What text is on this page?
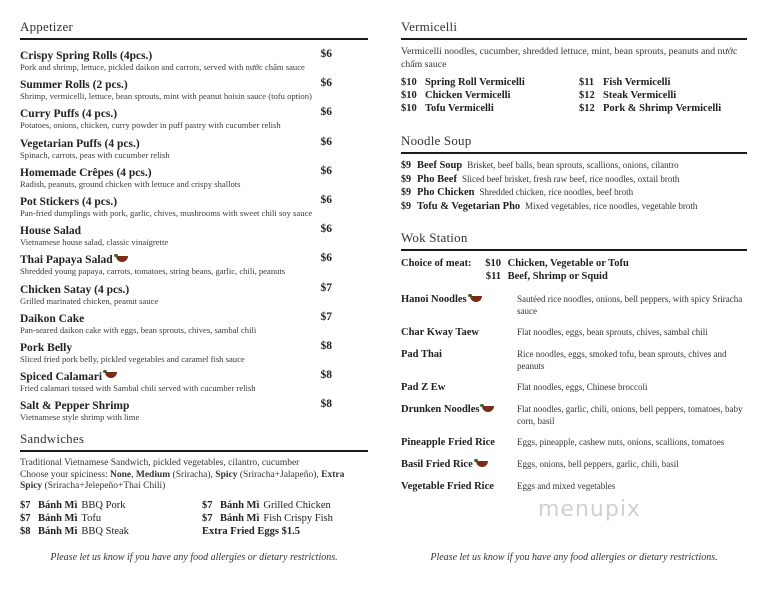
Appetizer
Crispy Spring Rolls (4pcs.)	$6
Pork and shrimp, lettuce, pickled daikon and carrots, served with nước chấm sauce
Summer Rolls (2 pcs.)	$6
Shrimp, vermicelli, lettuce, bean sprouts, mint with peanut hoisin sauce (tofu option)
Curry Puffs (4 pcs.)	$6
Potatoes, onions, chicken, curry powder in puff pastry with cucumber relish
Vegetarian Puffs (4 pcs.)	$6
Spinach, carrots, peas with cucumber relish
Homemade Crêpes (4 pcs.)	$6
Radish, peanuts, ground chicken with lettuce and crispy shallots
Pot Stickers (4 pcs.)	$6
Pan-fried dumplings with pork, garlic, chives, mushrooms with sweet chili soy sauce
House Salad	$6
Vietnamese house salad, classic vinaigrette
Thai Papaya Salad	$6
Shredded young papaya, carrots, tomatoes, string beans, garlic, chili, peanuts
Chicken Satay (4 pcs.)	$7
Grilled marinated chicken, peanut sauce
Daikon Cake	$7
Pan-seared daikon cake with eggs, bean sprouts, chives, sambal chili
Pork Belly	$8
Sliced fried pork belly, pickled vegetables and caramel fish sauce
Spiced Calamari	$8
Fried calamari tossed with Sambal chili served with cucumber relish
Salt & Pepper Shrimp	$8
Vietnamese style shrimp with lime
Sandwiches
Traditional Vietnamese Sandwich, pickled vegetables, cilantro, cucumber
Choose your spiciness: None, Medium (Sriracha), Spicy (Sriracha+Jalapeño), Extra Spicy (Sriracha+Jelepeño+Thai Chili)
$7 Bánh Mì BBQ Pork
$7 Bánh Mì Tofu
$8 Bánh Mì BBQ Steak
$7 Bánh Mì Grilled Chicken
$7 Bánh Mì Fish Crispy Fish
Extra Fried Eggs $1.5
Please let us know if you have any food allergies or dietary restrictions.
Vermicelli
Vermicelli noodles, cucumber, shredded lettuce, mint, bean sprouts, peanuts and nước chấm sauce
$10 Spring Roll Vermicelli
$10 Chicken Vermicelli
$10 Tofu Vermicelli
$11 Fish Vermicelli
$12 Steak Vermicelli
$12 Pork & Shrimp Vermicelli
Noodle Soup
$9 Beef Soup Brisket, beef balls, bean sprouts, scallions, onions, cilantro
$9 Pho Beef Sliced beef brisket, fresh raw beef, rice noodles, oxtail broth
$9 Pho Chicken Shredded chicken, rice noodles, beef broth
$9 Tofu & Vegetarian Pho Mixed vegetables, rice noodles, vegetable broth
Wok Station
Choice of meat:	$10 Chicken, Vegetable or Tofu
$11 Beef, Shrimp or Squid
Hanoi Noodles	Sautéed rice noodles, onions, bell peppers, with spicy Sriracha sauce
Char Kway Taew	Flat noodles, eggs, bean sprouts, chives, sambal chili
Pad Thai	Rice noodles, eggs, smoked tofu, bean sprouts, chives and peanuts
Pad Z Ew	Flat noodles, eggs, Chinese broccoli
Drunken Noodles	Flat noodles, garlic, chili, onions, bell peppers, tomatoes, baby corn, basil
Pineapple Fried Rice	Eggs, pineapple, cashew nuts, onions, scallions, tomatoes
Basil Fried Rice	Eggs, onions, bell peppers, garlic, chili, basil
Vegetable Fried Rice	Eggs and mixed vegetables
Please let us know if you have any food allergies or dietary restrictions.
menupix
